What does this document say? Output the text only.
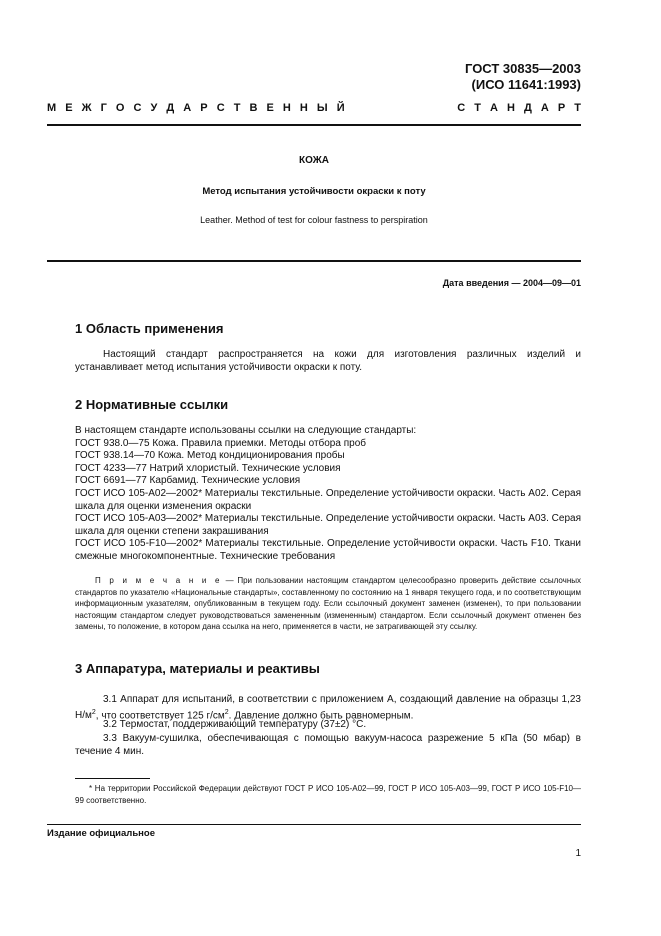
ГОСТ 30835—2003
(ИСО 11641:1993)
М Е Ж Г О С У Д А Р С Т В Е Н Н Ы Й	С Т А Н Д А Р Т
КОЖА
Метод испытания устойчивости окраски к поту
Leather. Method of test for colour fastness to perspiration
Дата введения — 2004—09—01
1 Область применения
Настоящий стандарт распространяется на кожи для изготовления различных изделий и устанавливает метод испытания устойчивости окраски к поту.
2 Нормативные ссылки
В настоящем стандарте использованы ссылки на следующие стандарты:
ГОСТ 938.0—75 Кожа. Правила приемки. Методы отбора проб
ГОСТ 938.14—70 Кожа. Метод кондиционирования пробы
ГОСТ 4233—77 Натрий хлористый. Технические условия
ГОСТ 6691—77 Карбамид. Технические условия
ГОСТ ИСО 105-А02—2002* Материалы текстильные. Определение устойчивости окраски. Часть А02. Серая шкала для оценки изменения окраски
ГОСТ ИСО 105-А03—2002* Материалы текстильные. Определение устойчивости окраски. Часть А03. Серая шкала для оценки степени закрашивания
ГОСТ ИСО 105-F10—2002* Материалы текстильные. Определение устойчивости окраски. Часть F10. Ткани смежные многокомпонентные. Технические требования
П р и м е ч а н и е — При пользовании настоящим стандартом целесообразно проверить действие ссылочных стандартов по указателю «Национальные стандарты», составленному по состоянию на 1 января текущего года, и по соответствующим информационным указателям, опубликованным в текущем году. Если ссылочный документ заменен (изменен), то при пользовании настоящим стандартом следует руководствоваться замененным (измененным) стандартом. Если ссылочный документ отменен без замены, то положение, в котором дана ссылка на него, применяется в части, не затрагивающей эту ссылку.
3 Аппаратура, материалы и реактивы
3.1 Аппарат для испытаний, в соответствии с приложением А, создающий давление на образцы 1,23 $Н/м^2$, что соответствует 125 $г/см^2$. Давление должно быть равномерным.
3.2 Термостат, поддерживающий температуру (37±2) °С.
3.3 Вакуум-сушилка, обеспечивающая с помощью вакуум-насоса разрежение 5 кПа (50 мбар) в течение 4 мин.
* На территории Российской Федерации действуют ГОСТ Р ИСО 105-А02—99, ГОСТ Р ИСО 105-А03—99, ГОСТ Р ИСО 105-F10—99 соответственно.
Издание официальное
1
